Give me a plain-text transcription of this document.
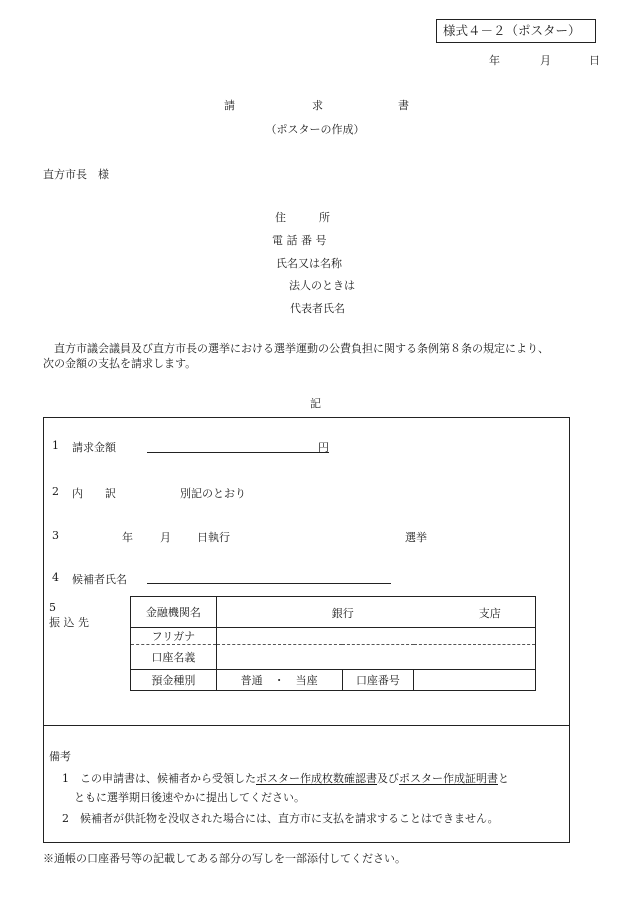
様式４－２（ポスター）
年	月	日
請	求	書
（ポスターの作成）
直方市長　様
住　　　所
電 話 番 号
氏名又は名称
法人のときは
代表者氏名
　直方市議会議員及び直方市長の選挙における選挙運動の公費負担に関する条例第８条の規定により、
次の金額の支払を請求します。
記
1 請求金額	円
2 内　　訳	別記のとおり
3	年 月 日執行	選挙
4 候補者氏名
5
振 込 先
金融機関名	銀行 支店		

フリガナ			
口座名義			
預金種別	普通　・　当座	口座番号	
備考
1　 この申請書は、候補者から受領したポスター作成枚数確認書及びポスター作成証明書と
ともに選挙期日後速やかに提出してください。
2　 候補者が供託物を没収された場合には、直方市に支払を請求することはできません。
※通帳の口座番号等の記載してある部分の写しを一部添付してください。
